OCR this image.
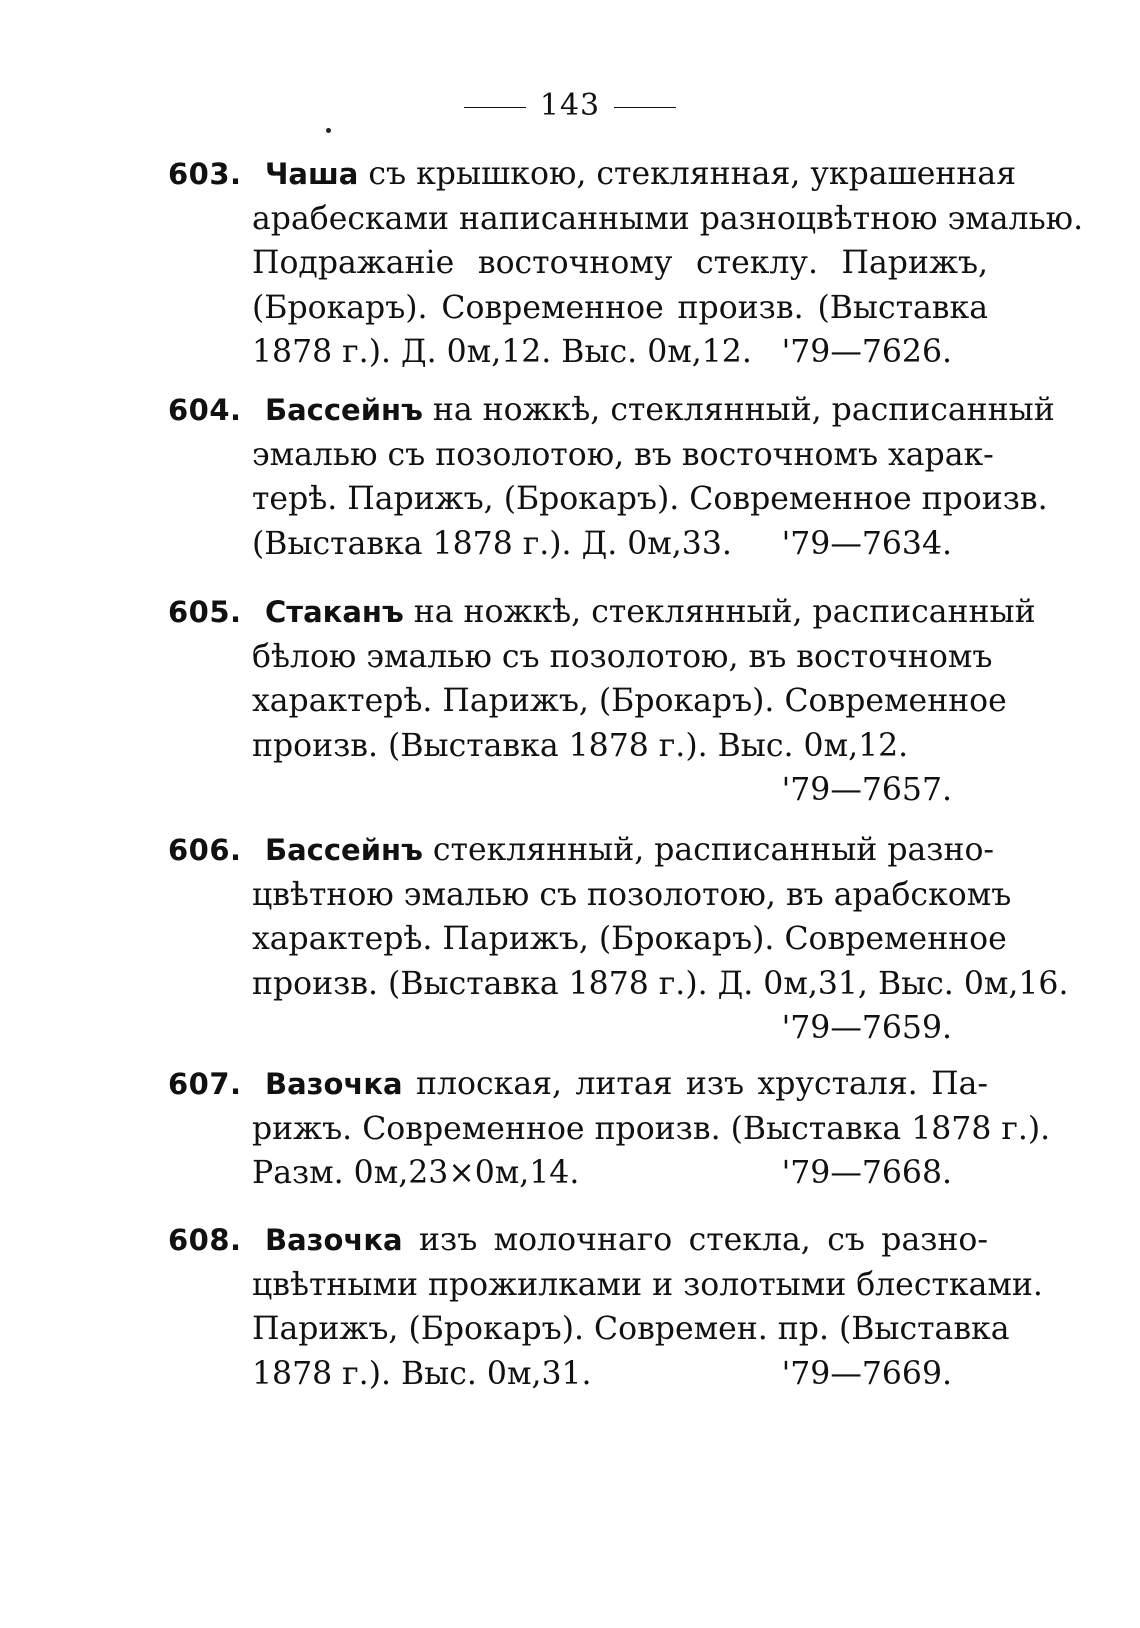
143
603. Чаша съ крышкою, стеклянная, украшенная
арабесками написанными разноцвѣтною эмалью.
Подражаніе восточному стеклу. Парижъ,
(Брокаръ). Современное произв. (Выставка
1878 г.). Д. 0м,12. Выс. 0м,12. '79—7626.
604. Бассейнъ на ножкѣ, стеклянный, расписанный
эмалью съ позолотою, въ восточномъ харак-
терѣ. Парижъ, (Брокаръ). Современное произв.
(Выставка 1878 г.). Д. 0м,33. '79—7634.
605. Стаканъ на ножкѣ, стеклянный, расписанный
бѣлою эмалью съ позолотою, въ восточномъ
характерѣ. Парижъ, (Брокаръ). Современное
произв. (Выставка 1878 г.). Выс. 0м,12.
'79—7657.
606. Бассейнъ стеклянный, расписанный разно-
цвѣтною эмалью съ позолотою, въ арабскомъ
характерѣ. Парижъ, (Брокаръ). Современное
произв. (Выставка 1878 г.). Д. 0м,31, Выс. 0м,16.
'79—7659.
607. Вазочка плоская, литая изъ хрусталя. Па-
рижъ. Современное произв. (Выставка 1878 г.).
Разм. 0м,23×0м,14.	'79—7668.
608. Вазочка изъ молочнаго стекла, съ разно-
цвѣтными прожилками и золотыми блестками.
Парижъ, (Брокаръ). Современ. пр. (Выставка
1878 г.). Выс. 0м,31.	'79—7669.
